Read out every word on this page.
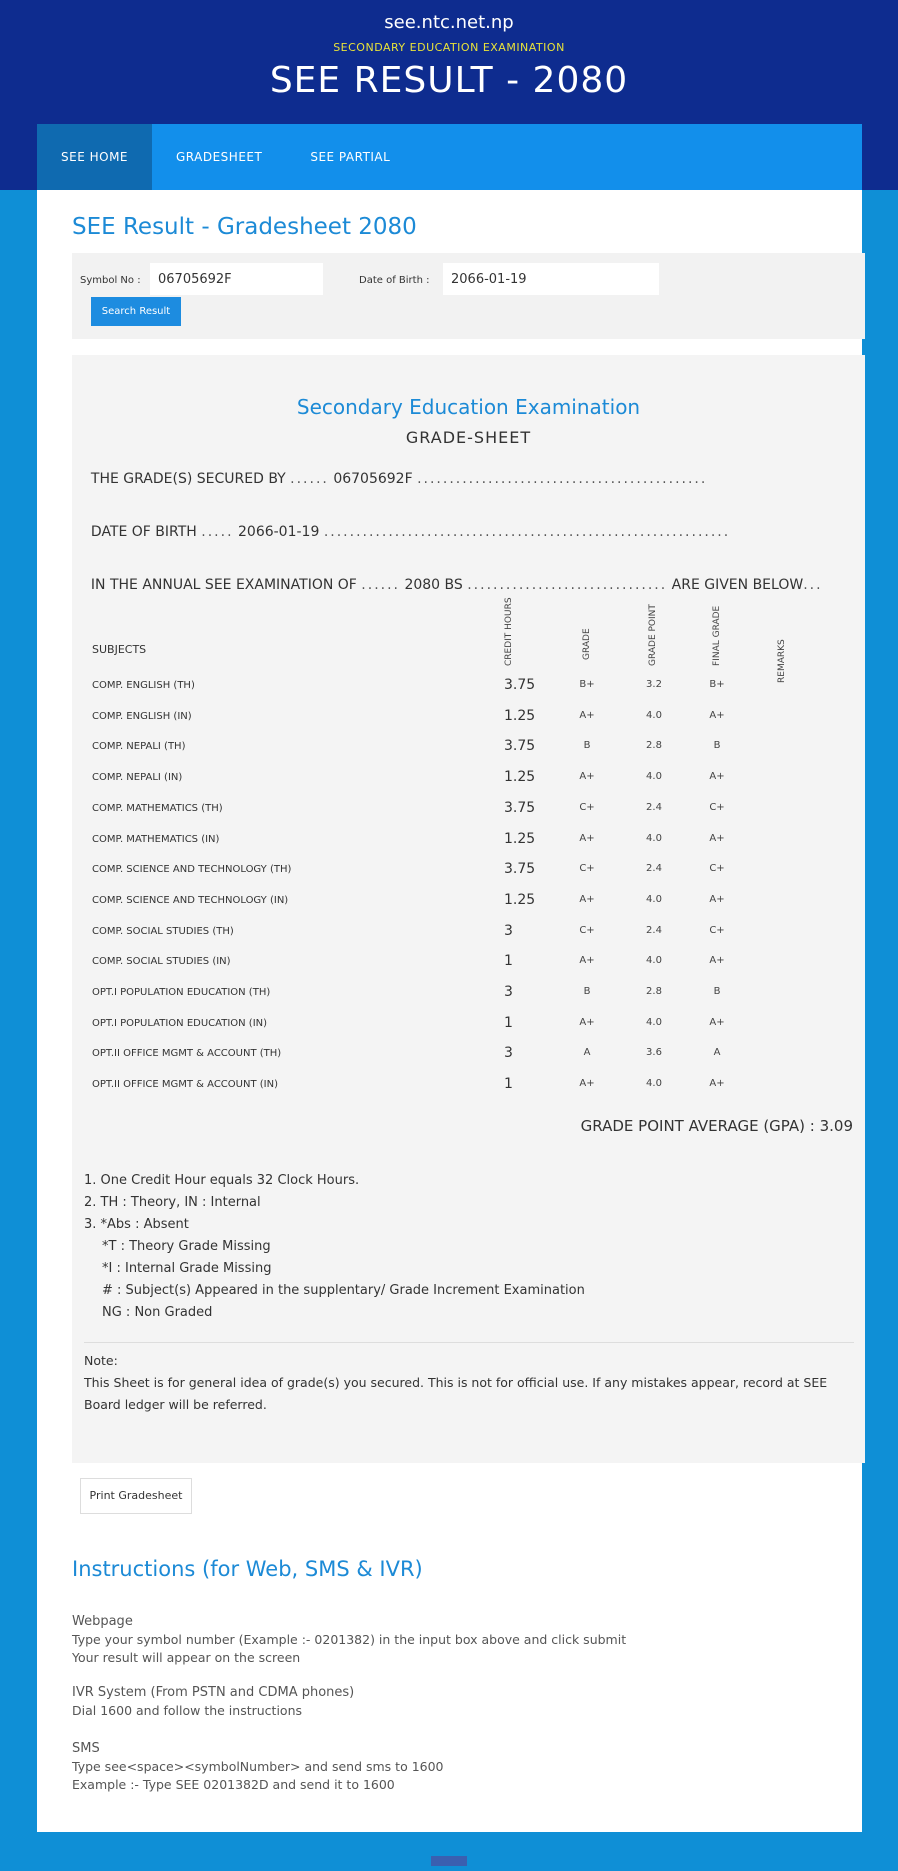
see.ntc.net.np
SECONDARY EDUCATION EXAMINATION
SEE RESULT - 2080
SEE HOME	GRADESHEET	SEE PARTIAL
SEE Result - Gradesheet 2080
Symbol No :
06705692F	Date of Birth :
2066-01-19
Search Result
Secondary Education Examination
GRADE-SHEET
THE GRADE(S) SECURED BY ...... 06705692F .............................................
DATE OF BIRTH ..... 2066-01-19 ...............................................................
IN THE ANNUAL SEE EXAMINATION OF ...... 2080 BS ............................... ARE GIVEN BELOW...
SUBJECTS	CREDIT HOURS	GRADE	GRADE POINT	FINAL GRADE	REMARKS
COMP. ENGLISH (TH)	3.75	B+	3.2	B+
COMP. ENGLISH (IN)	1.25	A+	4.0	A+
COMP. NEPALI (TH)	3.75	B	2.8	B
COMP. NEPALI (IN)	1.25	A+	4.0	A+
COMP. MATHEMATICS (TH)	3.75	C+	2.4	C+
COMP. MATHEMATICS (IN)	1.25	A+	4.0	A+
COMP. SCIENCE AND TECHNOLOGY (TH)	3.75	C+	2.4	C+
COMP. SCIENCE AND TECHNOLOGY (IN)	1.25	A+	4.0	A+
COMP. SOCIAL STUDIES (TH)	3	C+	2.4	C+
COMP. SOCIAL STUDIES (IN)	1	A+	4.0	A+
OPT.I POPULATION EDUCATION (TH)	3	B	2.8	B
OPT.I POPULATION EDUCATION (IN)	1	A+	4.0	A+
OPT.II OFFICE MGMT & ACCOUNT (TH)	3	A	3.6	A
OPT.II OFFICE MGMT & ACCOUNT (IN)	1	A+	4.0	A+
GRADE POINT AVERAGE (GPA) : 3.09
1. One Credit Hour equals 32 Clock Hours.
2. TH : Theory, IN : Internal
3. *Abs : Absent
*T : Theory Grade Missing
*I : Internal Grade Missing
# : Subject(s) Appeared in the supplentary/ Grade Increment Examination
NG : Non Graded
Note:
This Sheet is for general idea of grade(s) you secured. This is not for official use. If any mistakes appear, record at SEE Board ledger will be referred.
Print Gradesheet
Instructions (for Web, SMS & IVR)
Webpage
Type your symbol number (Example :- 0201382) in the input box above and click submit
Your result will appear on the screen
IVR System (From PSTN and CDMA phones)
Dial 1600 and follow the instructions
SMS
Type see<space><symbolNumber> and send sms to 1600
Example :- Type SEE 0201382D and send it to 1600
